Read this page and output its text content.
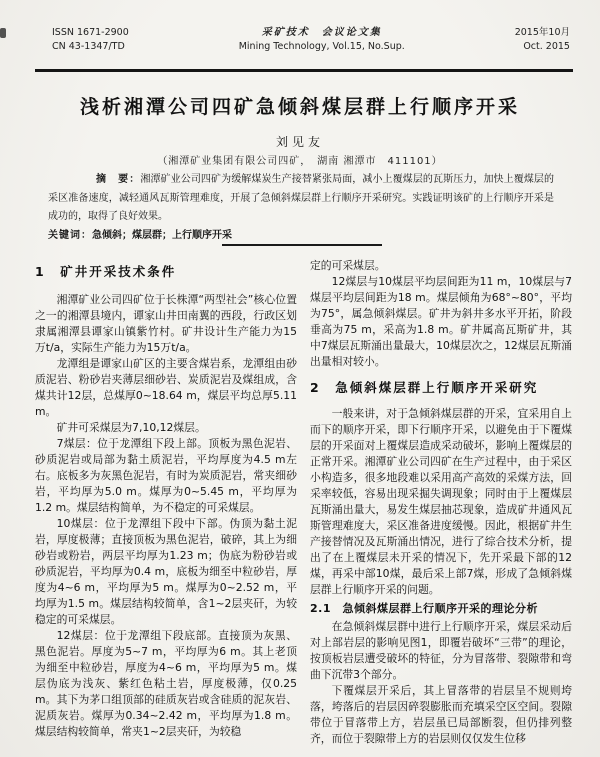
ISSN 1671-2900
CN 43-1347/TD
采矿技术　会议论文集
Mining Technology, Vol.15, No.Sup.
2015年10月
Oct. 2015
浅析湘潭公司四矿急倾斜煤层群上行顺序开采
刘见友
（湘潭矿业集团有限公司四矿，　湖南 湘潭市　411101）

摘　要：湘潭矿业公司四矿为缓解煤炭生产接替紧张局面，减小上覆煤层的瓦斯压力，加快上覆煤层的采区准备速度，减轻通风瓦斯管理难度，开展了急倾斜煤层群上行顺序开采研究。实践证明该矿的上行顺序开采是成功的，取得了良好效果。

关键词：急倾斜；煤层群；上行顺序开采

1　矿井开采技术条件

湘潭矿业公司四矿位于长株潭“两型社会”核心位置之一的湘潭县境内，谭家山井田南翼的西段，行政区划隶属湘潭县谭家山镇紫竹村。矿井设计生产能力为15万t/a，实际生产能力为15万t/a。

龙潭组是谭家山矿区的主要含煤岩系，龙潭组由砂质泥岩、粉砂岩夹薄层细砂岩、炭质泥岩及煤组成，含煤共计12层，总煤厚0~18.64 m，煤层平均总厚5.11 m。

矿井可采煤层为7,10,12煤层。

7煤层：位于龙潭组下段上部。顶板为黑色泥岩、砂质泥岩或局部为黏土质泥岩，平均厚度为4.5 m左右。底板多为灰黑色泥岩，有时为炭质泥岩，常夹细砂岩，平均厚为5.0 m。煤厚为0~5.45 m，平均厚为1.2 m。煤层结构简单，为不稳定的可采煤层。

10煤层：位于龙潭组下段中下部。伪顶为黏土泥岩，厚度极薄；直接顶板为黑色泥岩，破碎，其上为细砂岩或粉岩，两层平均厚为1.23 m；伪底为粉砂岩或砂质泥岩，平均厚为0.4 m，底板为细至中粒砂岩，厚度为4~6 m，平均厚为5 m。煤厚为0~2.52 m，平均厚为1.5 m。煤层结构较简单，含1~2层夹矸，为较稳定的可采煤层。

12煤层：位于龙潭组下段底部。直接顶为灰黑、黑色泥岩。厚度为5~7 m，平均厚为6 m。其上老顶为细至中粒砂岩，厚度为4~6 m，平均厚为5 m。煤层伪底为浅灰、紫红色粘土岩，厚度极薄，仅0.25 m。其下为茅口组顶部的硅质灰岩或含硅质的泥灰岩、泥质灰岩。煤厚为0.34~2.42 m，平均厚为1.8 m。煤层结构较简单，常夹1~2层夹矸，为较稳

定的可采煤层。

12煤层与10煤层平均层间距为11 m，10煤层与7煤层平均层间距为18 m。煤层倾角为68°~80°，平均为75°，属急倾斜煤层。矿井为斜井多水平开拓，阶段垂高为75 m，采高为1.8 m。矿井属高瓦斯矿井，其中7煤层瓦斯涌出量最大，10煤层次之，12煤层瓦斯涌出量相对较小。

2　急倾斜煤层群上行顺序开采研究

一般来讲，对于急倾斜煤层群的开采，宜采用自上而下的顺序开采，即下行顺序开采，以避免由于下覆煤层的开采面对上覆煤层造成采动破坏，影响上覆煤层的正常开采。湘潭矿业公司四矿在生产过程中，由于采区小构造多，很多地段难以采用高产高效的采煤方法，回采率较低，容易出现采掘失调现象；同时由于上覆煤层瓦斯涌出量大，易发生煤层抽芯现象，造成矿井通风瓦斯管理难度大，采区准备进度缓慢。因此，根据矿井生产接替情况及瓦斯涌出情况，进行了综合技术分析，提出了在上覆煤层未开采的情况下，先开采最下部的12煤，再采中部10煤，最后采上部7煤，形成了急倾斜煤层群上行顺序开采的问题。

2.1　急倾斜煤层群上行顺序开采的理论分析

在急倾斜煤层群中进行上行顺序开采，煤层采动后对上部岩层的影响见图1，即覆岩破坏“三带”的理论，按顶板岩层遭受破坏的特征，分为冒落带、裂隙带和弯曲下沉带3个部分。

下覆煤层开采后，其上冒落带的岩层呈不规则垮落，垮落后的岩层因碎裂膨胀而充填采空区空间。裂隙带位于冒落带上方，岩层虽已局部断裂，但仍排列整齐，而位于裂隙带上方的岩层则仅仅发生位移
